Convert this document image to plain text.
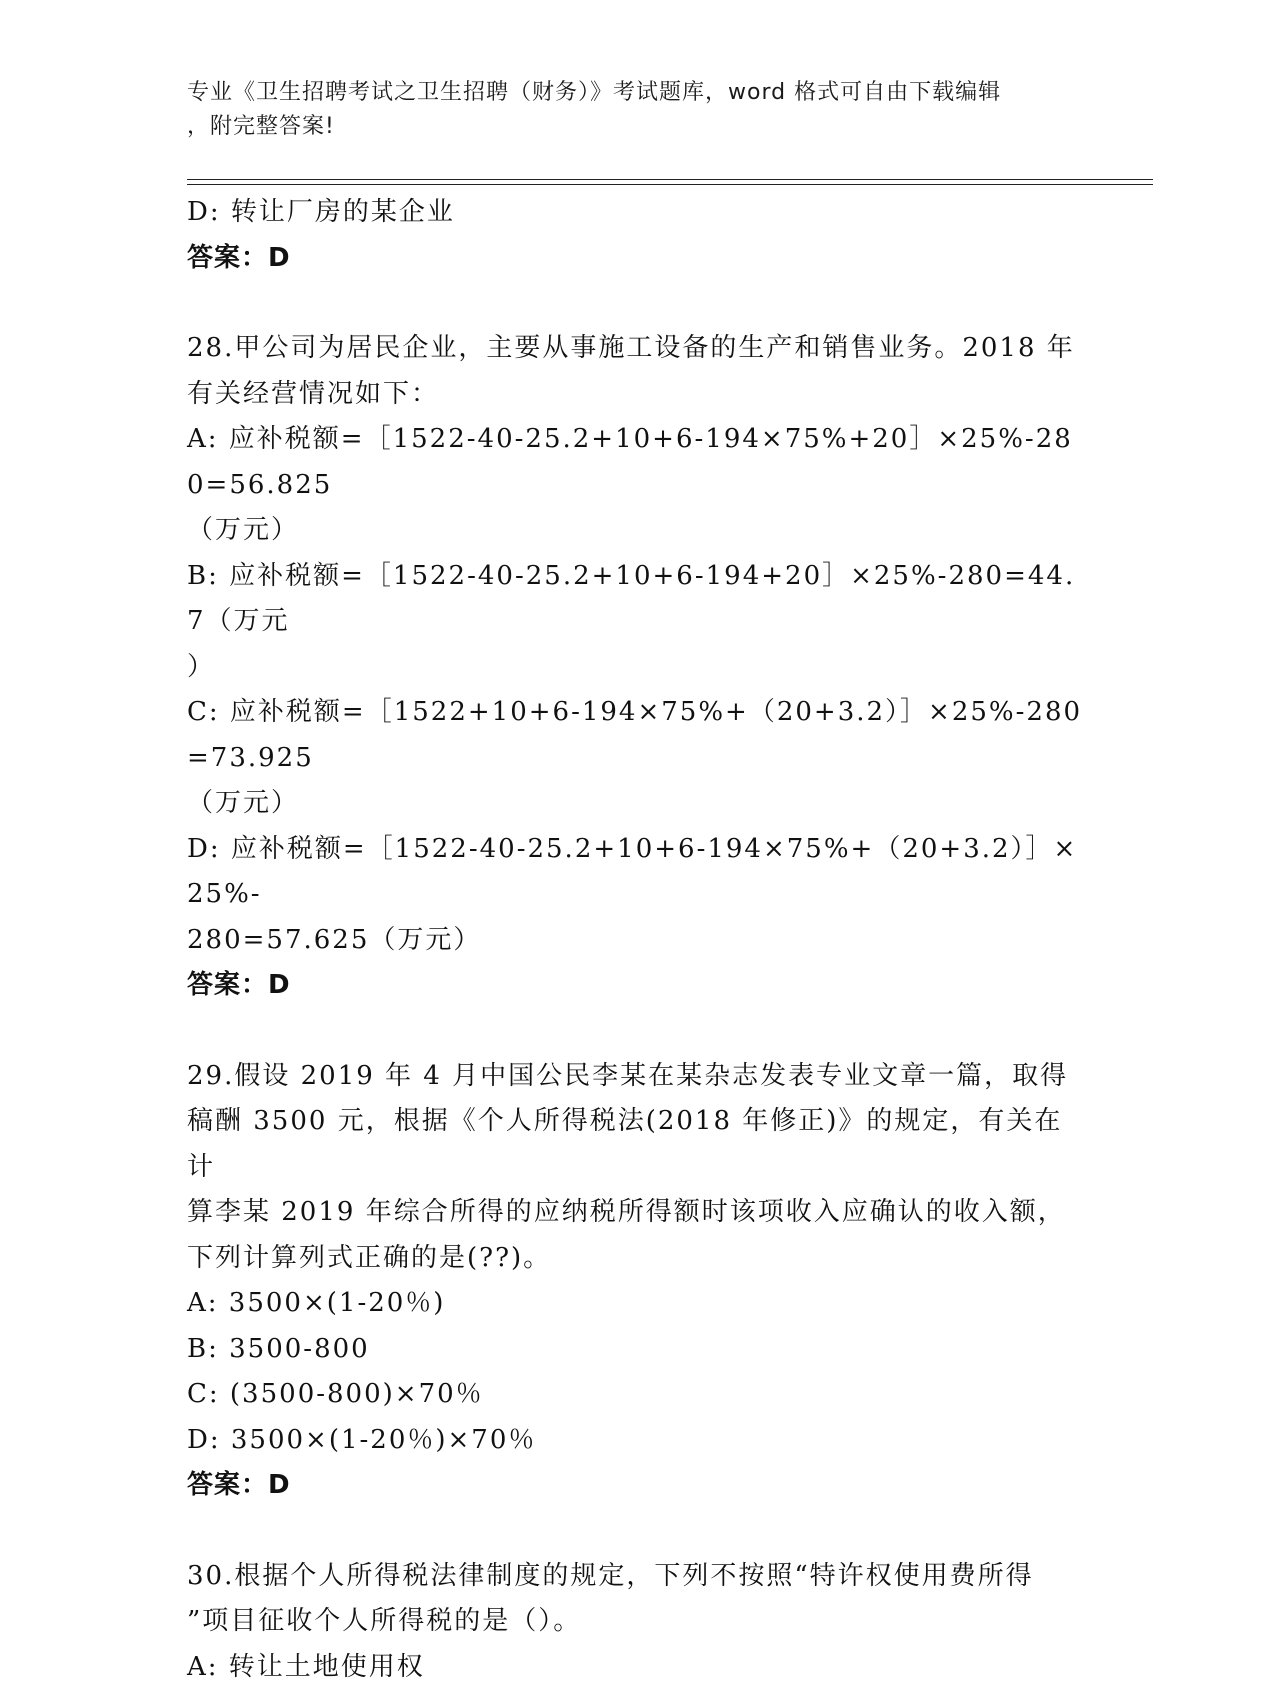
专业《卫生招聘考试之卫生招聘（财务）》考试题库，word 格式可自由下载编辑
，附完整答案!

D: 转让厂房的某企业

答案：D

28.甲公司为居民企业，主要从事施工设备的生产和销售业务。2018 年

有关经营情况如下：

A: 应补税额=［1522-40-25.2+10+6-194×75%+20］×25%-280=56.825

（万元）

B: 应补税额=［1522-40-25.2+10+6-194+20］×25%-280=44.7（万元

）

C: 应补税额=［1522+10+6-194×75%+（20+3.2）］×25%-280=73.925

（万元）

D: 应补税额=［1522-40-25.2+10+6-194×75%+（20+3.2）］×25%-

280=57.625（万元）

答案：D

29.假设 2019 年 4 月中国公民李某在某杂志发表专业文章一篇，取得

稿酬 3500 元，根据《个人所得税法(2018 年修正)》的规定，有关在计

算李某 2019 年综合所得的应纳税所得额时该项收入应确认的收入额，

下列计算列式正确的是(??)。

A: 3500×(1-20％)

B: 3500-800

C: (3500-800)×70％

D: 3500×(1-20％)×70％

答案：D

30.根据个人所得税法律制度的规定，下列不按照“特许权使用费所得

”项目征收个人所得税的是（）。

A: 转让土地使用权
